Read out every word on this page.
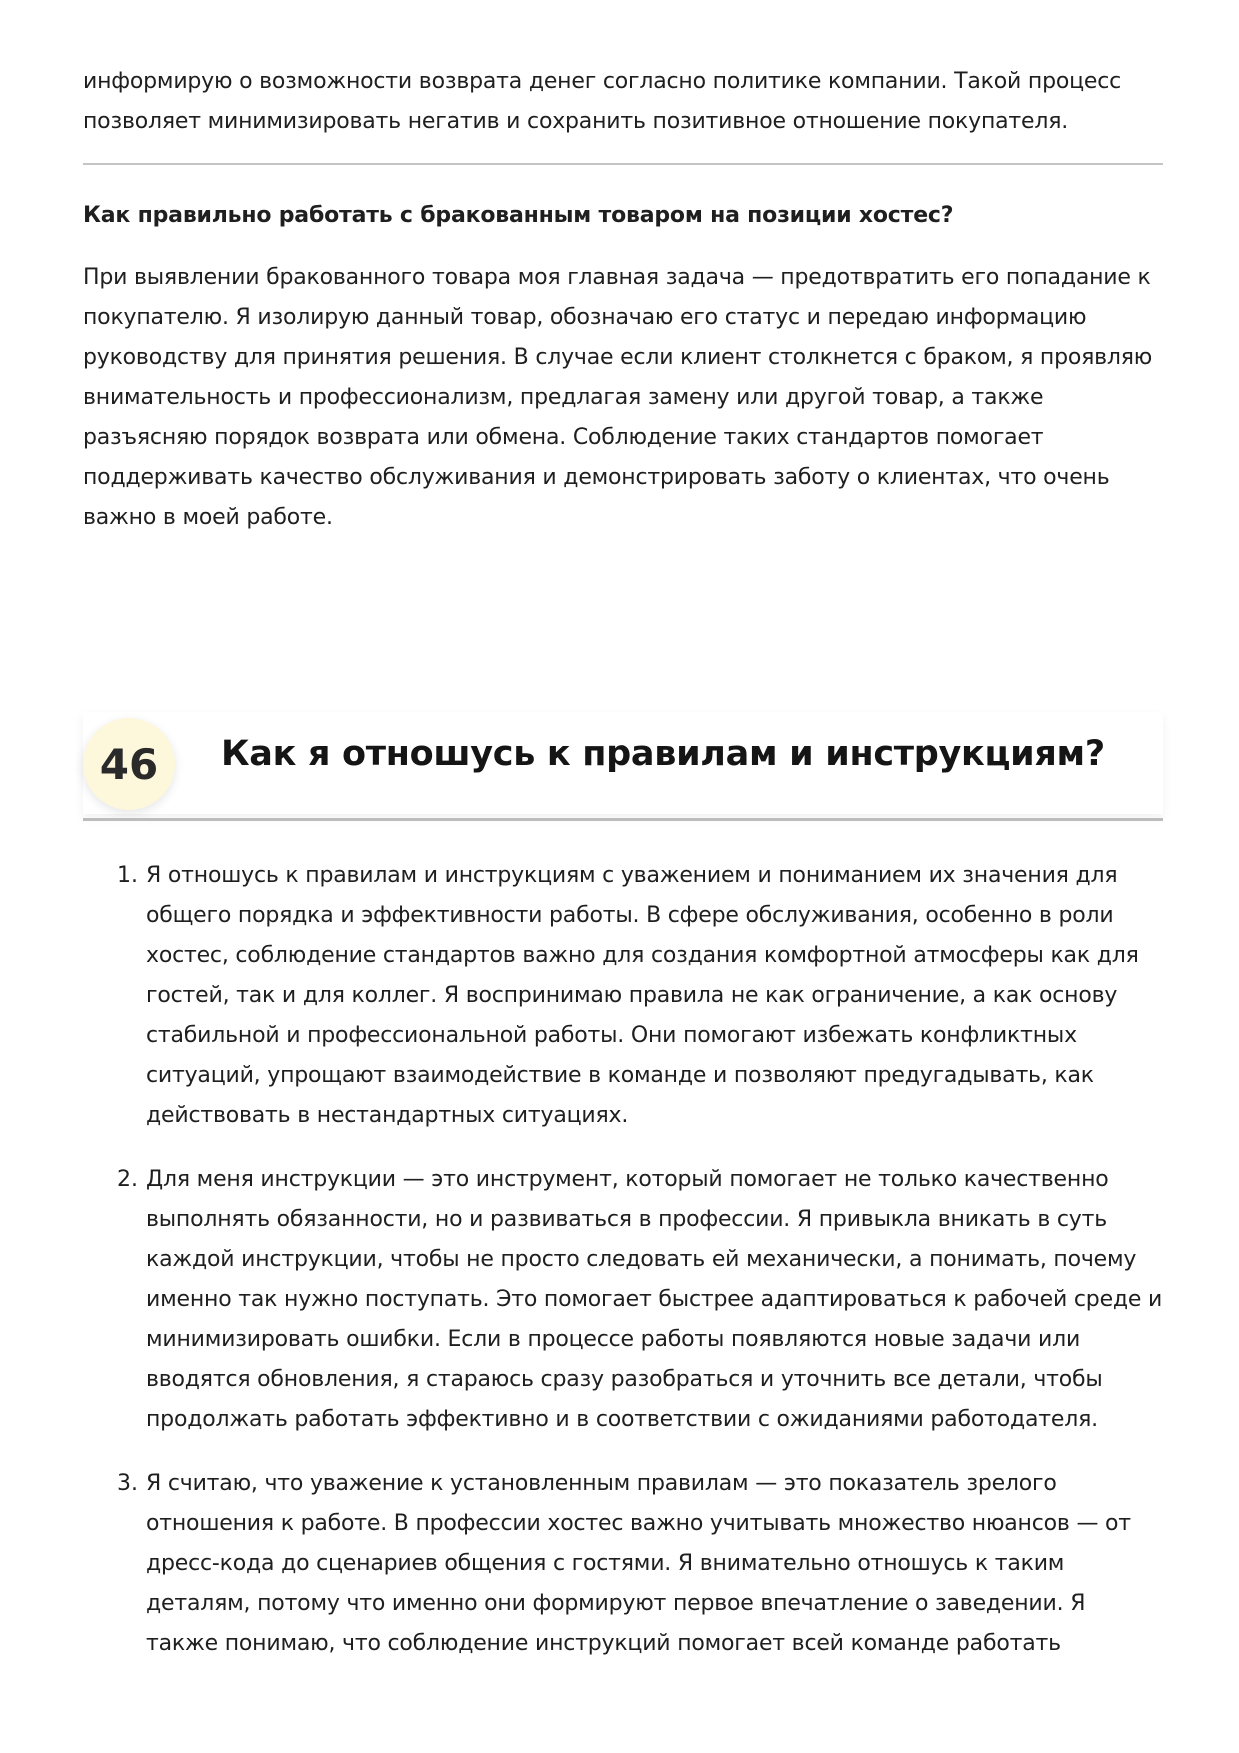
информирую о возможности возврата денег согласно политике компании. Такой процесс позволяет минимизировать негатив и сохранить позитивное отношение покупателя.

Как правильно работать с бракованным товаром на позиции хостес?

При выявлении бракованного товара моя главная задача — предотвратить его попадание к покупателю. Я изолирую данный товар, обозначаю его статус и передаю информацию руководству для принятия решения. В случае если клиент столкнется с браком, я проявляю внимательность и профессионализм, предлагая замену или другой товар, а также разъясняю порядок возврата или обмена. Соблюдение таких стандартов помогает поддерживать качество обслуживания и демонстрировать заботу о клиентах, что очень важно в моей работе.

46	Как я отношусь к правилам и инструкциям?
1. Я отношусь к правилам и инструкциям с уважением и пониманием их значения для общего порядка и эффективности работы. В сфере обслуживания, особенно в роли хостес, соблюдение стандартов важно для создания комфортной атмосферы как для гостей, так и для коллег. Я воспринимаю правила не как ограничение, а как основу стабильной и профессиональной работы. Они помогают избежать конфликтных ситуаций, упрощают взаимодействие в команде и позволяют предугадывать, как действовать в нестандартных ситуациях.

2. Для меня инструкции — это инструмент, который помогает не только качественно выполнять обязанности, но и развиваться в профессии. Я привыкла вникать в суть каждой инструкции, чтобы не просто следовать ей механически, а понимать, почему именно так нужно поступать. Это помогает быстрее адаптироваться к рабочей среде и минимизировать ошибки. Если в процессе работы появляются новые задачи или вводятся обновления, я стараюсь сразу разобраться и уточнить все детали, чтобы продолжать работать эффективно и в соответствии с ожиданиями работодателя.

3. Я считаю, что уважение к установленным правилам — это показатель зрелого отношения к работе. В профессии хостес важно учитывать множество нюансов — от дресс-кода до сценариев общения с гостями. Я внимательно отношусь к таким деталям, потому что именно они формируют первое впечатление о заведении. Я также понимаю, что соблюдение инструкций помогает всей команде работать
